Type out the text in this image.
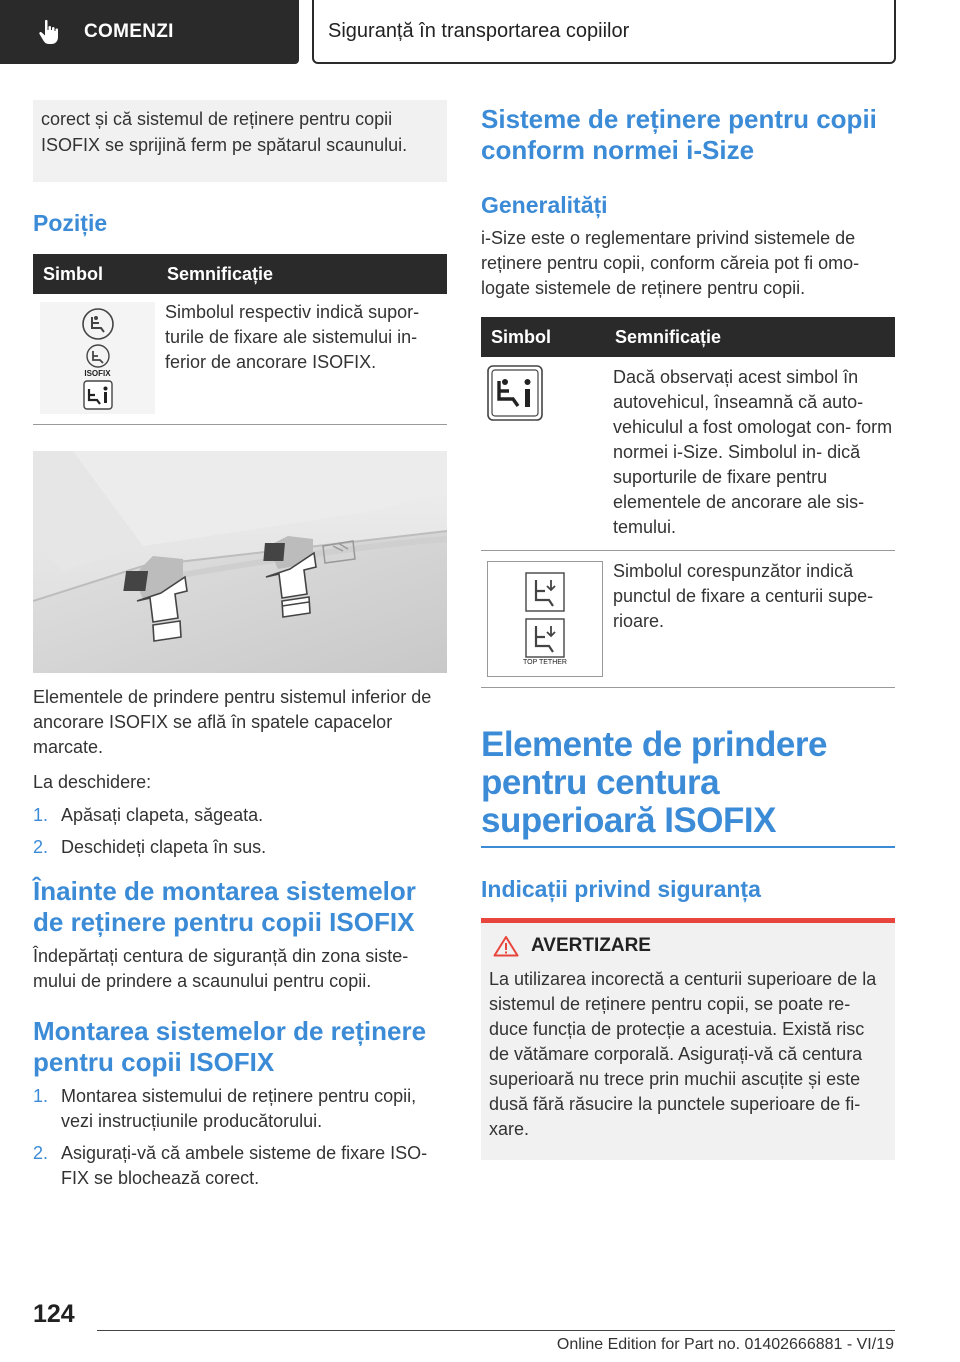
COMENZI	Siguranță în transportarea copiilor
corect și că sistemul de reținere pentru copii ISOFIX se sprijină ferm pe spătarul scaunului.
Poziție
Simbol	Semnificație

ISOFIX	Simbolul respectiv indică supor- turile de fixare ale sistemului in- ferior de ancorare ISOFIX.

Elementele de prindere pentru sistemul inferior de ancorare ISOFIX se află în spatele capacelor marcate.

La deschidere:

1. Apăsați clapeta, săgeata.
2. Deschideți clapeta în sus.
Înainte de montarea sistemelor de reținere pentru copii ISOFIX

Îndepărtați centura de siguranță din zona siste- mului de prindere a scaunului pentru copii.

Montarea sistemelor de reținere pentru copii ISOFIX
1. Montarea sistemului de reținere pentru copii, vezi instrucțiunile producătorului.
2. Asigurați-vă că ambele sisteme de fixare ISO- FIX se blochează corect.
Sisteme de reținere pentru copii conform normei i-Size
Generalități

i-Size este o reglementare privind sistemele de reținere pentru copii, conform căreia pot fi omo- logate sistemele de reținere pentru copii.

Simbol	Semnificație
	Dacă observați acest simbol în autovehicul, înseamnă că auto- vehiculul a fost omologat con- form normei i-Size. Simbolul in- dică suporturile de fixare pentru elementele de ancorare ale sis- temului.

TOP TETHER	Simbolul corespunzător indică punctul de fixare a centurii supe- rioare.
Elemente de prindere pentru centura superioară ISOFIX
Indicații privind siguranța
AVERTIZARE

La utilizarea incorectă a centurii superioare de la sistemul de reținere pentru copii, se poate re- duce funcția de protecție a acestuia. Există risc de vătămare corporală. Asigurați-vă că centura superioară nu trece prin muchii ascuțite și este dusă fără răsucire la punctele superioare de fi- xare.

124
Online Edition for Part no. 01402666881 - VI/19
